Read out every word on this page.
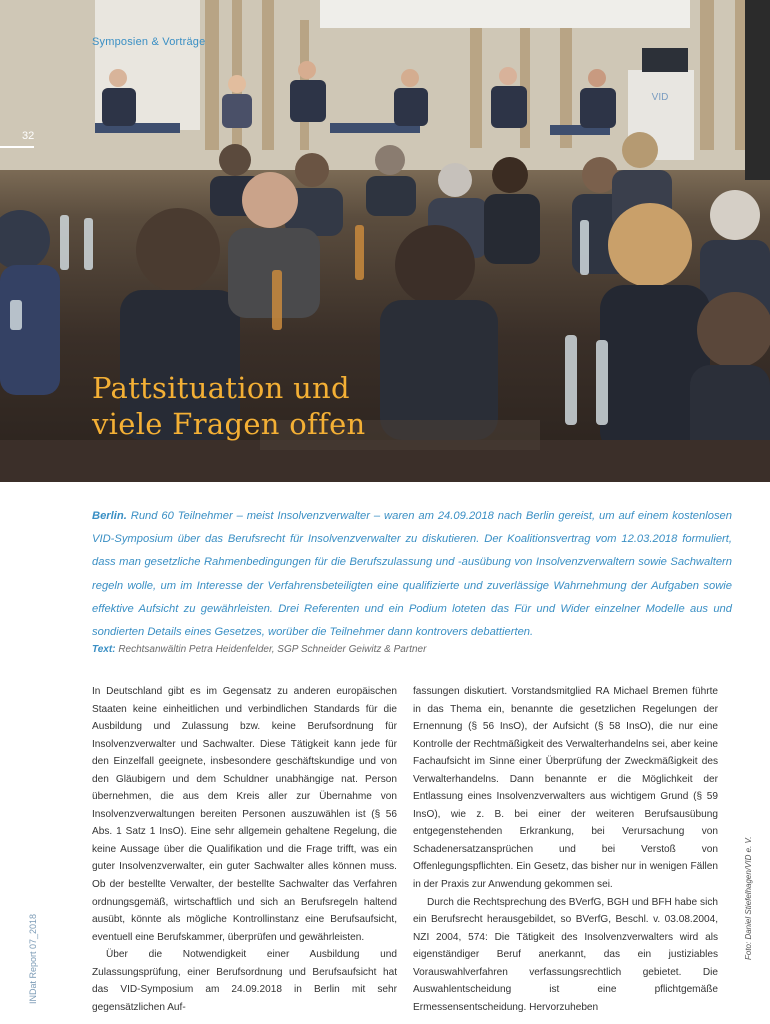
VID
Symposien & Vorträge
32
Pattsituation und
viele Fragen offen
Berlin. Rund 60 Teilnehmer – meist Insolvenzverwalter – waren am 24.09.2018 nach Berlin gereist, um auf einem kostenlosen VID-Symposium über das Berufsrecht für Insolvenzverwalter zu diskutieren. Der Koalitionsvertrag vom 12.03.2018 formuliert, dass man gesetzliche Rahmenbedingungen für die Berufszulassung und -ausübung von Insolvenzverwaltern sowie Sachwaltern regeln wolle, um im Interesse der Verfahrensbeteiligten eine qualifizierte und zuverlässige Wahrnehmung der Aufgaben sowie effektive Aufsicht zu gewährleisten. Drei Referenten und ein Podium loteten das Für und Wider einzelner Modelle aus und sondierten Details eines Gesetzes, worüber die Teilnehmer dann kontrovers debattierten.
Text: Rechtsanwältin Petra Heidenfelder, SGP Schneider Geiwitz & Partner

In Deutschland gibt es im Gegensatz zu anderen europäischen Staaten keine einheitlichen und verbindlichen Standards für die Ausbildung und Zulassung bzw. keine Berufsordnung für Insolvenzverwalter und Sachwalter. Diese Tätigkeit kann jede für den Einzelfall geeignete, insbesondere geschäftskundige und von den Gläubigern und dem Schuldner unabhängige nat. Person übernehmen, die aus dem Kreis aller zur Übernahme von Insolvenzverwaltungen bereiten Personen auszuwählen ist (§ 56 Abs. 1 Satz 1 InsO). Eine sehr allgemein gehaltene Regelung, die keine Aussage über die Qualifikation und die Frage trifft, was ein guter Insolvenzverwalter, ein guter Sachwalter alles können muss. Ob der bestellte Verwalter, der bestellte Sachwalter das Verfahren ordnungsgemäß, wirtschaftlich und sich an Berufsregeln haltend ausübt, könnte als mögliche Kontrollinstanz eine Berufsaufsicht, eventuell eine Berufskammer, überprüfen und gewährleisten.

Über die Notwendigkeit einer Ausbildung und Zulassungsprüfung, einer Berufsordnung und Berufsaufsicht hat das VID-Symposium am 24.09.2018 in Berlin mit sehr gegensätzlichen Auf-

fassungen diskutiert. Vorstandsmitglied RA Michael Bremen führte in das Thema ein, benannte die gesetzlichen Regelungen der Ernennung (§ 56 InsO), der Aufsicht (§ 58 InsO), die nur eine Kontrolle der Rechtmäßigkeit des Verwalterhandelns sei, aber keine Fachaufsicht im Sinne einer Überprüfung der Zweckmäßigkeit des Verwalterhandelns. Dann benannte er die Möglichkeit der Entlassung eines Insolvenzverwalters aus wichtigem Grund (§ 59 InsO), wie z. B. bei einer der weiteren Berufsausübung entgegenstehenden Erkrankung, bei Verursachung von Schadenersatzansprüchen und bei Verstoß von Offenlegungspflichten. Ein Gesetz, das bisher nur in wenigen Fällen in der Praxis zur Anwendung gekommen sei.

Durch die Rechtsprechung des BVerfG, BGH und BFH habe sich ein Berufsrecht herausgebildet, so BVerfG, Beschl. v. 03.08.2004, NZI 2004, 574: Die Tätigkeit des Insolvenzverwalters wird als eigenständiger Beruf anerkannt, das ein justiziables Vorauswahlverfahren verfassungsrechtlich gebietet. Die Auswahlentscheidung ist eine pflichtgemäße Ermessensentscheidung. Hervorzuheben

INDat Report 07_2018	Foto: Daniel Stiefelhagen/VID e. V.
